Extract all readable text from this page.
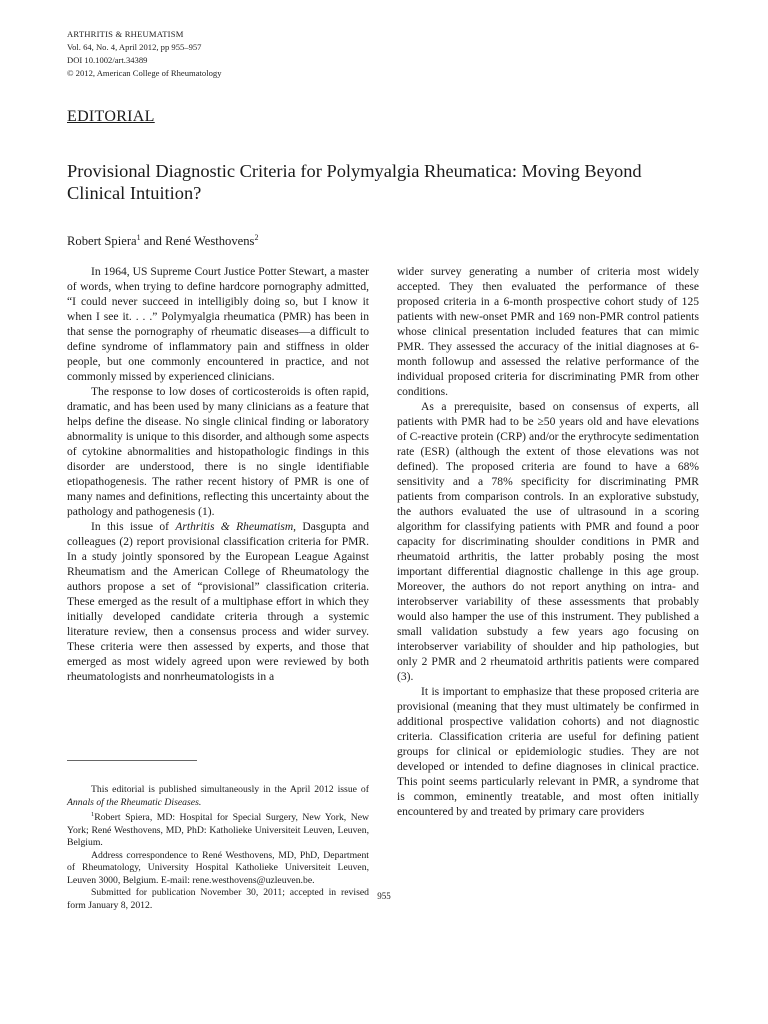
ARTHRITIS & RHEUMATISM
Vol. 64, No. 4, April 2012, pp 955–957
DOI 10.1002/art.34389
© 2012, American College of Rheumatology
EDITORIAL
Provisional Diagnostic Criteria for Polymyalgia Rheumatica: Moving Beyond Clinical Intuition?
Robert Spiera$^1$ and René Westhovens$^2$

In 1964, US Supreme Court Justice Potter Stewart, a master of words, when trying to define hardcore pornography admitted, “I could never succeed in intelligibly doing so, but I know it when I see it. . . .” Polymyalgia rheumatica (PMR) has been in that sense the pornography of rheumatic diseases—a difficult to define syndrome of inflammatory pain and stiffness in older people, but one commonly encountered in practice, and not commonly missed by experienced clinicians.

The response to low doses of corticosteroids is often rapid, dramatic, and has been used by many clinicians as a feature that helps define the disease. No single clinical finding or laboratory abnormality is unique to this disorder, and although some aspects of cytokine abnormalities and histopathologic findings in this disorder are understood, there is no single identifiable etiopathogenesis. The rather recent history of PMR is one of many names and definitions, reflecting this uncertainty about the pathology and pathogenesis (1).

In this issue of Arthritis & Rheumatism, Dasgupta and colleagues (2) report provisional classification criteria for PMR. In a study jointly sponsored by the European League Against Rheumatism and the American College of Rheumatology the authors propose a set of “provisional” classification criteria. These emerged as the result of a multiphase effort in which they initially developed candidate criteria through a systemic literature review, then a consensus process and wider survey. These criteria were then assessed by experts, and those that emerged as most widely agreed upon were reviewed by both rheumatologists and nonrheumatologists in a

wider survey generating a number of criteria most widely accepted. They then evaluated the performance of these proposed criteria in a 6-month prospective cohort study of 125 patients with new-onset PMR and 169 non-PMR control patients whose clinical presentation included features that can mimic PMR. They assessed the accuracy of the initial diagnoses at 6-month followup and assessed the relative performance of the individual proposed criteria for discriminating PMR from other conditions.

As a prerequisite, based on consensus of experts, all patients with PMR had to be ≥50 years old and have elevations of C-reactive protein (CRP) and/or the erythrocyte sedimentation rate (ESR) (although the extent of those elevations was not defined). The proposed criteria are found to have a 68% sensitivity and a 78% specificity for discriminating PMR patients from comparison controls. In an explorative substudy, the authors evaluated the use of ultrasound in a scoring algorithm for classifying patients with PMR and found a poor capacity for discriminating shoulder conditions in PMR and rheumatoid arthritis, the latter probably posing the most important differential diagnostic challenge in this age group. Moreover, the authors do not report anything on intra- and interobserver variability of these assessments that probably would also hamper the use of this instrument. They published a small validation substudy a few years ago focusing on interobserver variability of shoulder and hip pathologies, but only 2 PMR and 2 rheumatoid arthritis patients were compared (3).

It is important to emphasize that these proposed criteria are provisional (meaning that they must ultimately be confirmed in additional prospective validation cohorts) and not diagnostic criteria. Classification criteria are useful for defining patient groups for clinical or epidemiologic studies. They are not developed or intended to define diagnoses in clinical practice. This point seems particularly relevant in PMR, a syndrome that is common, eminently treatable, and most often initially encountered by and treated by primary care providers

This editorial is published simultaneously in the April 2012 issue of Annals of the Rheumatic Diseases.

$^1$Robert Spiera, MD: Hospital for Special Surgery, New York, New York; René Westhovens, MD, PhD: Katholieke Universiteit Leuven, Leuven, Belgium.

Address correspondence to René Westhovens, MD, PhD, Department of Rheumatology, University Hospital Katholieke Universiteit Leuven, Leuven 3000, Belgium. E-mail: rene.westhovens@uzleuven.be.

Submitted for publication November 30, 2011; accepted in revised form January 8, 2012.

955
